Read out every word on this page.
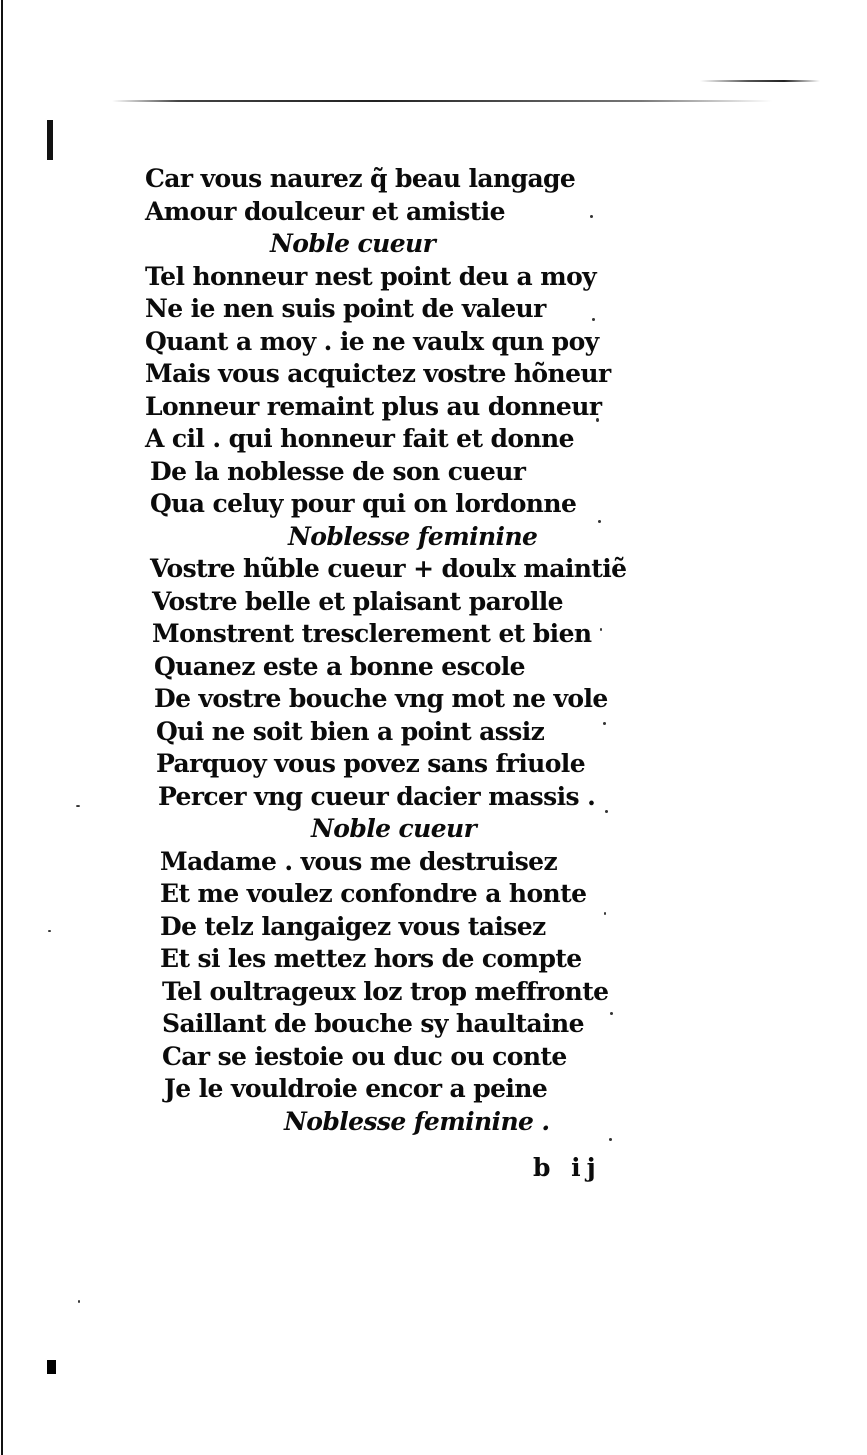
Car vous naurez q̃ beau langage
Amour doulceur et amistie
Noble cueur
Tel honneur nest point deu a moy
Ne ie nen suis point de valeur
Quant a moy . ie ne vaulx qun poy
Mais vous acquictez vostre hõneur
Lonneur remaint plus au donneur
A cil . qui honneur fait et donne
De la noblesse de son cueur
Qua celuy pour qui on lordonne
Noblesse feminine
Vostre hũble cueur + doulx maintiẽ
Vostre belle et plaisant parolle
Monstrent tresclerement et bien
Quanez este a bonne escole
De vostre bouche vng mot ne vole
Qui ne soit bien a point assiz
Parquoy vous povez sans friuole
Percer vng cueur dacier massis .
Noble cueur
Madame . vous me destruisez
Et me voulez confondre a honte
De telz langaigez vous taisez
Et si les mettez hors de compte
Tel oultrageux loz trop meffronte
Saillant de bouche sy haultaine
Car se iestoie ou duc ou conte
Je le vouldroie encor a peine
Noblesse feminine .
b ij
